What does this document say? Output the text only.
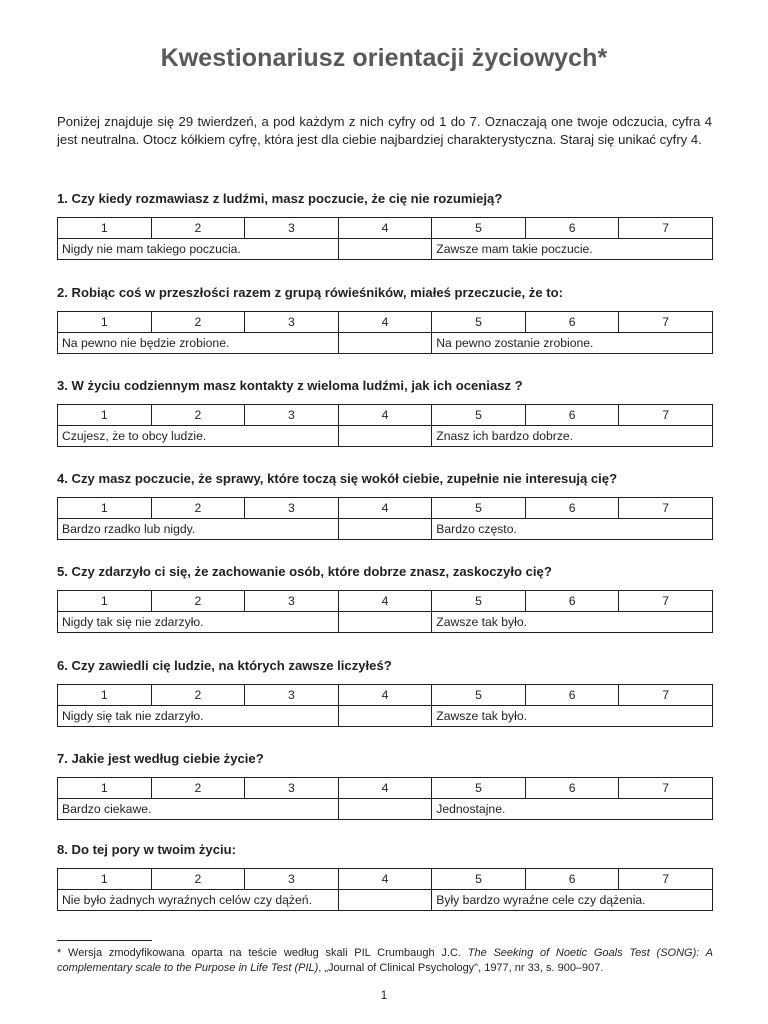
Kwestionariusz orientacji życiowych*

Poniżej znajduje się 29 twierdzeń, a pod każdym z nich cyfry od 1 do 7. Oznaczają one twoje odczucia, cyfra 4 jest neutralna. Otocz kółkiem cyfrę, która jest dla ciebie najbardziej charakterystyczna. Staraj się unikać cyfry 4.

1. Czy kiedy rozmawiasz z ludźmi, masz poczucie, że cię nie rozumieją?

1	2	3	4	5	6	7
Nigdy nie mam takiego poczucia.				Zawsze mam takie poczucie.		

2. Robiąc coś w przeszłości razem z grupą rówieśników, miałeś przeczucie, że to:

1	2	3	4	5	6	7
Na pewno nie będzie zrobione.				Na pewno zostanie zrobione.		

3. W życiu codziennym masz kontakty z wieloma ludźmi, jak ich oceniasz ?

1	2	3	4	5	6	7
Czujesz, że to obcy ludzie.				Znasz ich bardzo dobrze.		

4. Czy masz poczucie, że sprawy, które toczą się wokół ciebie, zupełnie nie interesują cię?

1	2	3	4	5	6	7
Bardzo rzadko lub nigdy.				Bardzo często.		

5. Czy zdarzyło ci się, że zachowanie osób, które dobrze znasz, zaskoczyło cię?

1	2	3	4	5	6	7
Nigdy tak się nie zdarzyło.				Zawsze tak było.		

6. Czy zawiedli cię ludzie, na których zawsze liczyłeś?

1	2	3	4	5	6	7
Nigdy się tak nie zdarzyło.				Zawsze tak było.		

7. Jakie jest według ciebie życie?

1	2	3	4	5	6	7
Bardzo ciekawe.				Jednostajne.		

8. Do tej pory w twoim życiu:

1	2	3	4	5	6	7
Nie było żadnych wyraźnych celów czy dążeń.				Były bardzo wyraźne cele czy dążenia.		

* Wersja zmodyfikowana oparta na teście według skali PIL Crumbaugh J.C. The Seeking of Noetic Goals Test (SONG): A complementary scale to the Purpose in Life Test (PIL), „Journal of Clinical Psychology", 1977, nr 33, s. 900–907.

1
